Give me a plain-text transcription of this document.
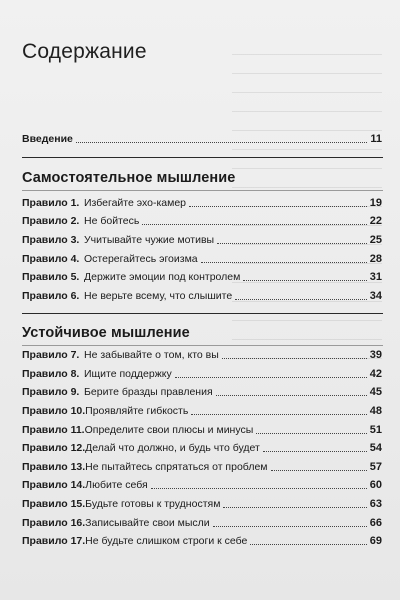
Содержание
Введение	11
Самостоятельное мышление
Правило 1. Избегайте эхо-камер	19
Правило 2. Не бойтесь	22
Правило 3. Учитывайте чужие мотивы	25
Правило 4. Остерегайтесь эгоизма	28
Правило 5. Держите эмоции под контролем	31
Правило 6. Не верьте всему, что слышите	34
Устойчивое мышление
Правило 7. Не забывайте о том, кто вы	39
Правило 8. Ищите поддержку	42
Правило 9. Берите бразды правления	45
Правило 10. Проявляйте гибкость	48
Правило 11. Определите свои плюсы и минусы	51
Правило 12. Делай что должно, и будь что будет	54
Правило 13. Не пытайтесь спрятаться от проблем	57
Правило 14. Любите себя	60
Правило 15. Будьте готовы к трудностям	63
Правило 16. Записывайте свои мысли	66
Правило 17. Не будьте слишком строги к себе	69
